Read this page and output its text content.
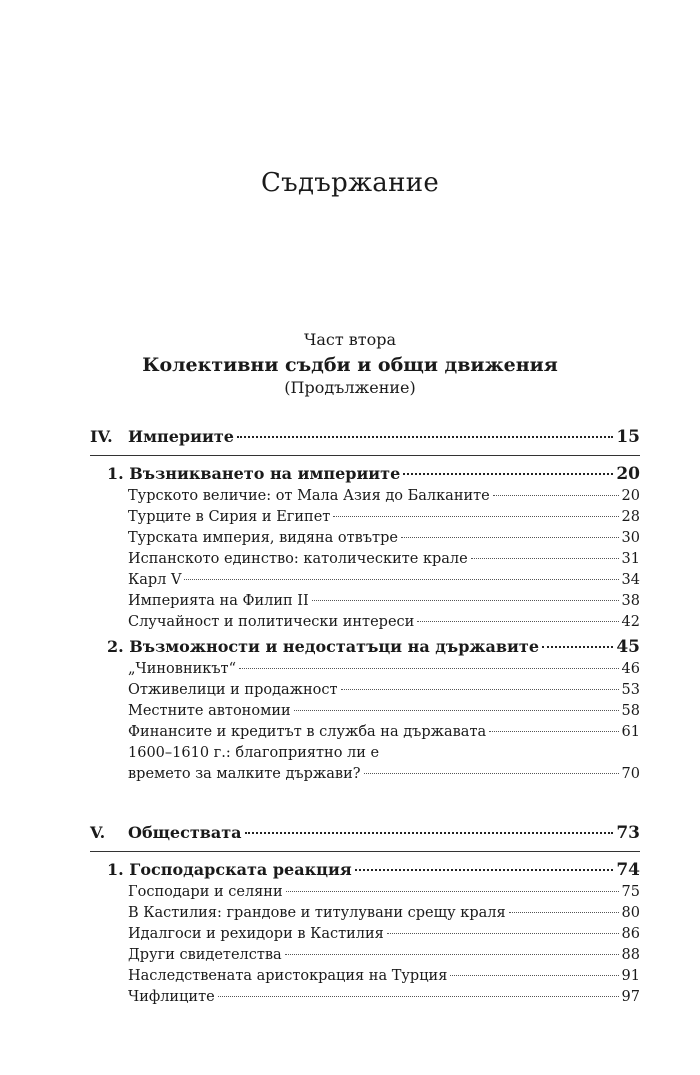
Съдържание
Част втора
Колективни съдби и общи движения
(Продължение)
IV. Империите	15
1. Възникването на империите	20
Турското величие: от Мала Азия до Балканите	20
Турците в Сирия и Египет	28
Турската империя, видяна отвътре	30
Испанското единство: католическите крале	31
Карл V	34
Империята на Филип II	38
Случайност и политически интереси	42
2. Възможности и недостатъци на държавите	45
„Чиновникът“	46
Отживелици и продажност	53
Местните автономии	58
Финансите и кредитът в служба на държавата	61
1600–1610 г.: благоприятно ли е
времето за малките държави?	70
V.	Обществата	73
1. Господарската реакция	74
Господари и селяни	75
В Кастилия: грандове и титулувани срещу краля	80
Идалгоси и рехидори в Кастилия	86
Други свидетелства	88
Наследствената аристокрация на Турция	91
Чифлиците	97
